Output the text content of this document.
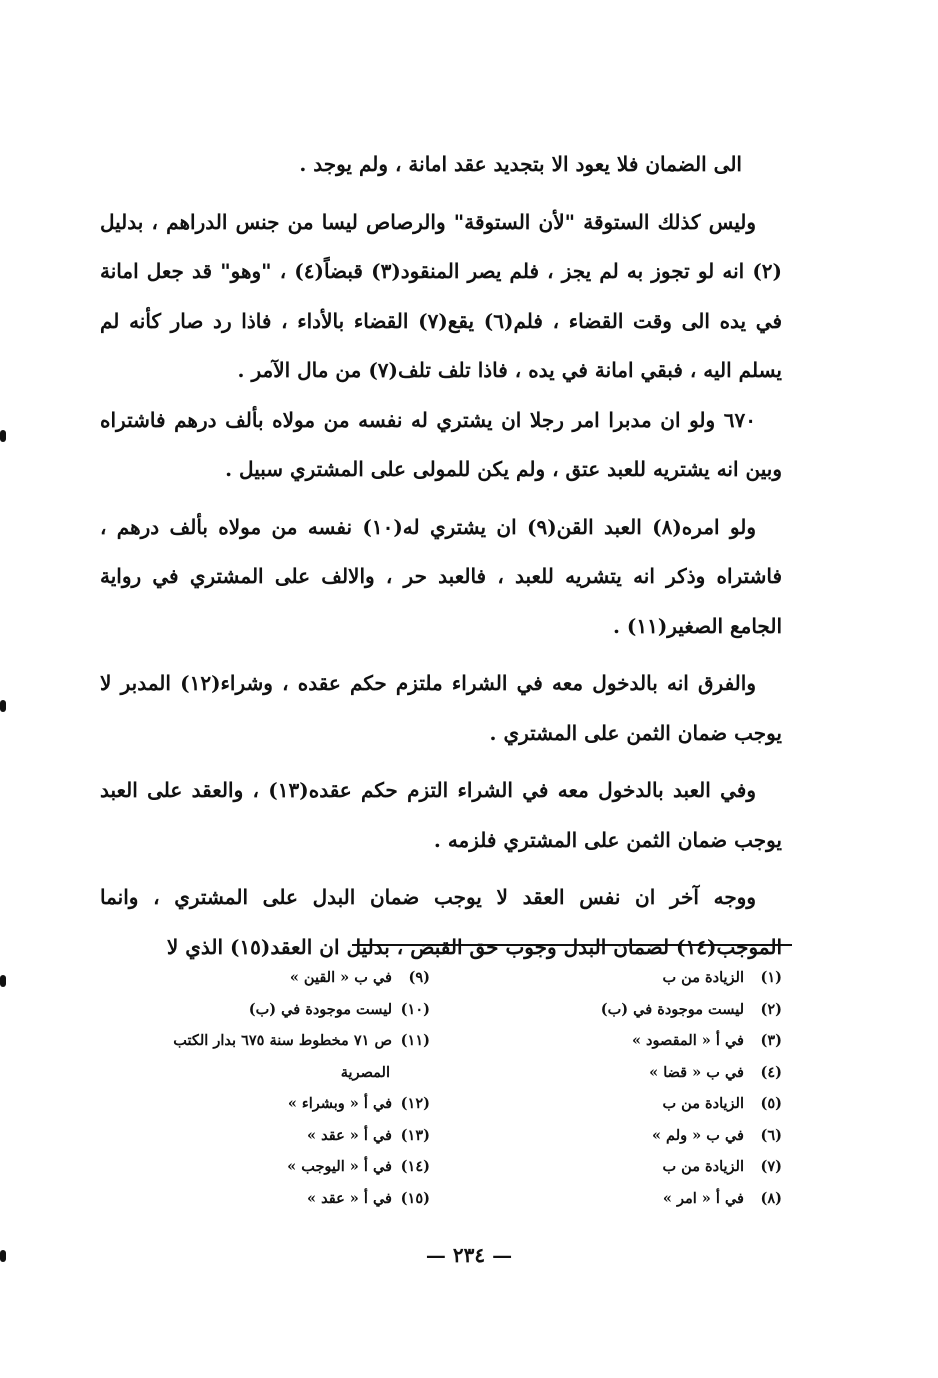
الى الضمان فلا يعود الا بتجديد عقد امانة ، ولم يوجد .

وليس كذلك الستوقة "لأن الستوقة" والرصاص ليسا من جنس الدراهم ، بدليل (٢) انه لو تجوز به لم يجز ، فلم يصر المنقود(٣) قبضاً(٤) ، "وهو" قد جعل امانة في يده الى وقت القضاء ، فلم(٦) يقع(٧) القضاء بالأداء ، فاذا رد صار كأنه لم يسلم اليه ، فبقي امانة في يده ، فاذا تلف تلف(٧) من مال الآمر .

٦٧٠ ولو ان مدبرا امر رجلا ان يشتري له نفسه من مولاه بألف درهم فاشتراه وبين انه يشتريه للعبد عتق ، ولم يكن للمولى على المشتري سبيل .

ولو امره(٨) العبد القن(٩) ان يشتري له(١٠) نفسه من مولاه بألف درهم ، فاشتراه وذكر انه يتشريه للعبد ، فالعبد حر ، والالف على المشتري في رواية الجامع الصغير(١١) .

والفرق انه بالدخول معه في الشراء ملتزم حكم عقده ، وشراء(١٢) المدبر لا يوجب ضمان الثمن على المشتري .

وفي العبد بالدخول معه في الشراء التزم حكم عقده(١٣) ، والعقد على العبد يوجب ضمان الثمن على المشتري فلزمه .

ووجه آخر ان نفس العقد لا يوجب ضمان البدل على المشتري ، وانما الموجب(١٤) لضمان البدل وجوب حق القبض ، بدليل ان العقد(١٥) الذي لا

(١)الزيادة من ب
(٢)ليست موجودة في (ب)
(٣)في أ « المقصود »
(٤)في ب « قضا »
(٥)الزيادة من ب
(٦)في ب « ولم »
(٧)الزيادة من ب
(٨)في أ « امر »
(٩)في ب « القين »
(١٠)ليست موجودة في (ب)
(١١)ص ٧١ مخطوط سنة ٦٧٥ بدار الكتب
المصرية
(١٢)في أ « وبشراء »
(١٣)في أ « عقد »
(١٤)في أ « اليوجب »
(١٥)في أ « عقد »
— ٢٣٤ —
